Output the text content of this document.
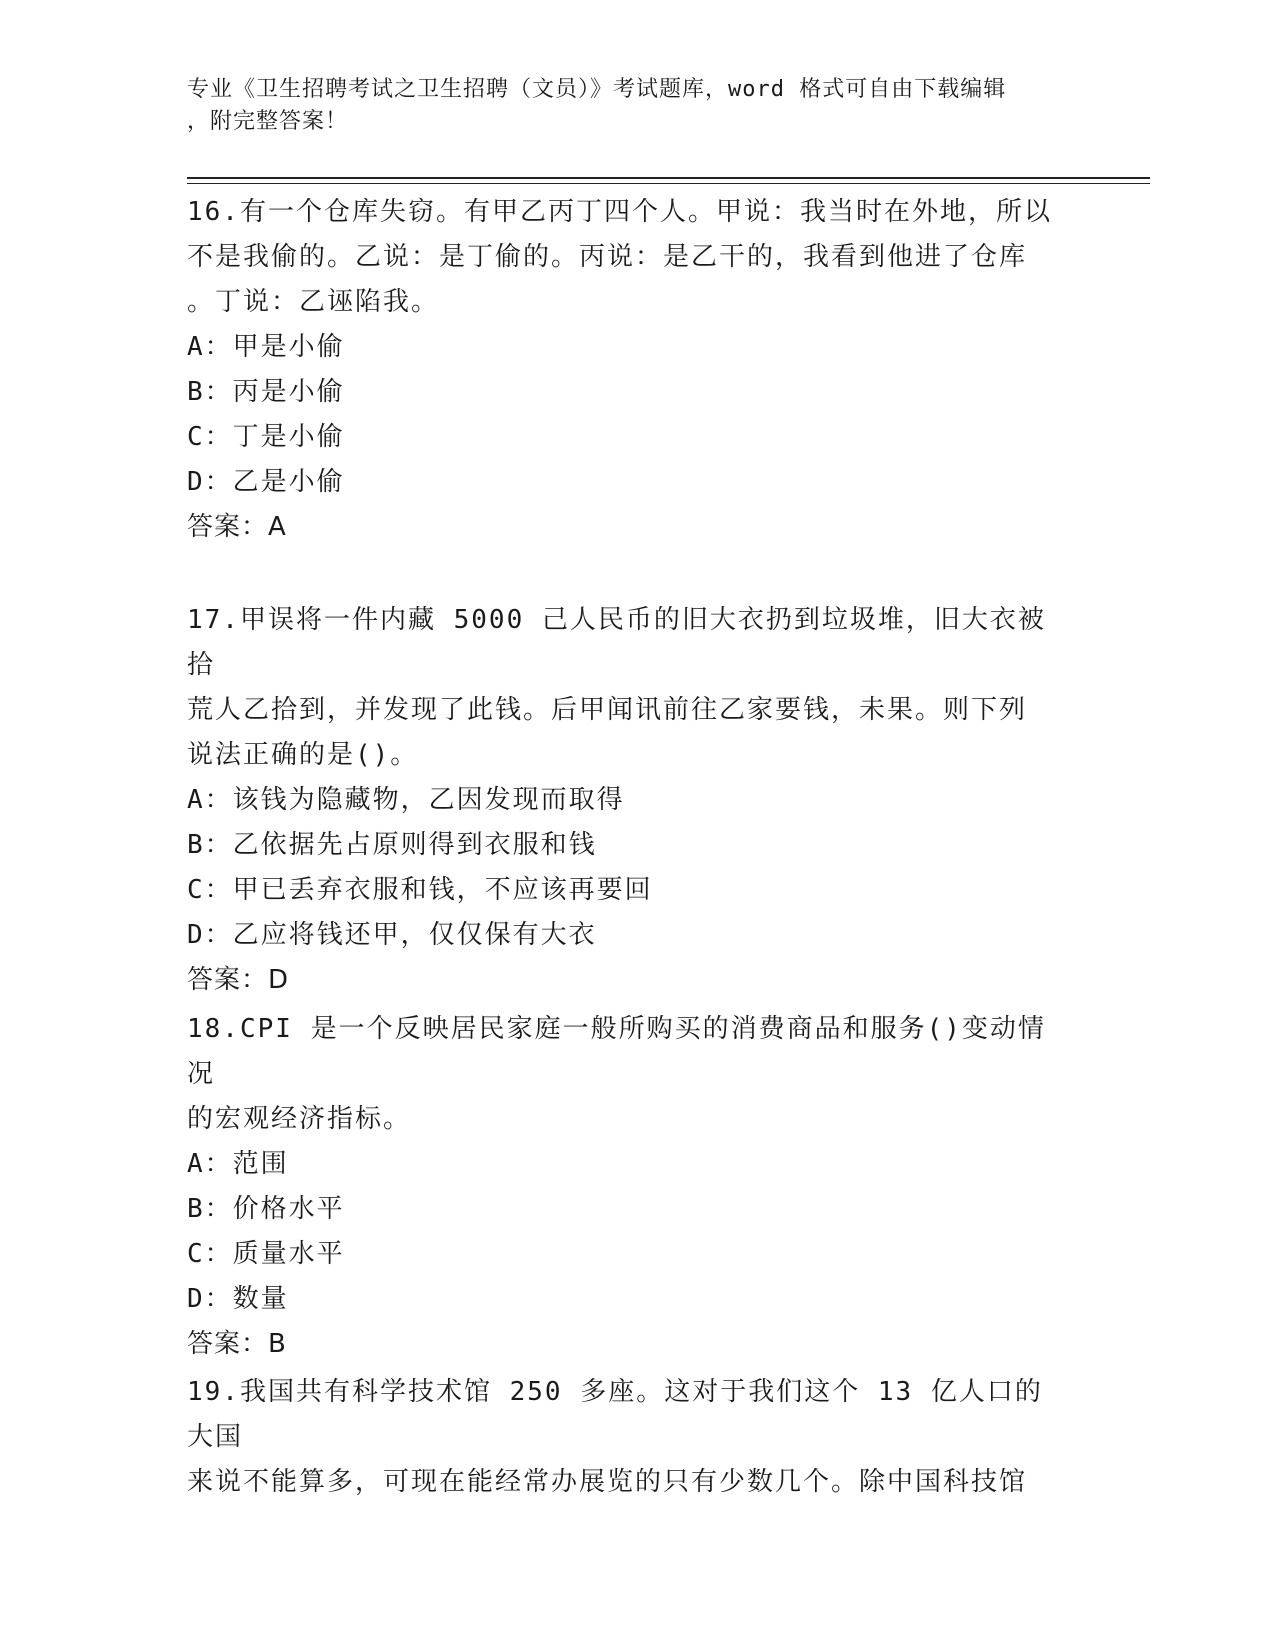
专业《卫生招聘考试之卫生招聘（文员）》考试题库，word 格式可自由下载编辑
，附完整答案！

16.有一个仓库失窃。有甲乙丙丁四个人。甲说：我当时在外地，所以
不是我偷的。乙说：是丁偷的。丙说：是乙干的，我看到他进了仓库
。丁说：乙诬陷我。

A：甲是小偷

B：丙是小偷

C：丁是小偷

D：乙是小偷

答案：A

17.甲误将一件内藏 5000 己人民币的旧大衣扔到垃圾堆，旧大衣被拾
荒人乙拾到，并发现了此钱。后甲闻讯前往乙家要钱，未果。则下列
说法正确的是()。

A：该钱为隐藏物，乙因发现而取得

B：乙依据先占原则得到衣服和钱

C：甲已丢弃衣服和钱，不应该再要回

D：乙应将钱还甲，仅仅保有大衣

答案：D

18.CPI 是一个反映居民家庭一般所购买的消费商品和服务()变动情况
的宏观经济指标。

A：范围

B：价格水平

C：质量水平

D：数量

答案：B

19.我国共有科学技术馆 250 多座。这对于我们这个 13 亿人口的大国
来说不能算多，可现在能经常办展览的只有少数几个。除中国科技馆
